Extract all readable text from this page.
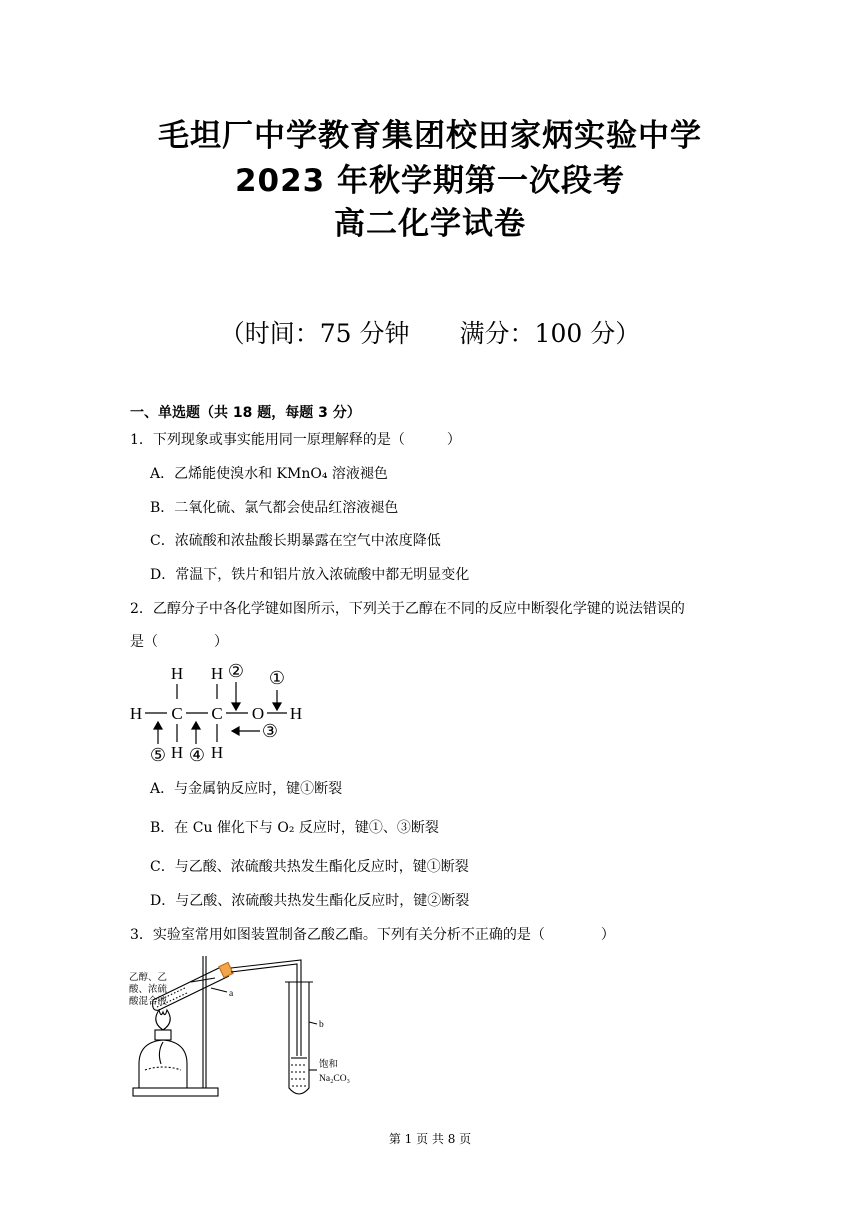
毛坦厂中学教育集团校田家炳实验中学
2023 年秋学期第一次段考
高二化学试卷
（时间：75 分钟　　满分：100 分）
一、单选题（共 18 题，每题 3 分）
1．下列现象或事实能用同一原理解释的是（　　　）
A．乙烯能使溴水和 KMnO₄ 溶液褪色
B．二氧化硫、氯气都会使品红溶液褪色
C．浓硫酸和浓盐酸长期暴露在空气中浓度降低
D．常温下，铁片和铝片放入浓硫酸中都无明显变化
2．乙醇分子中各化学键如图所示，下列关于乙醇在不同的反应中断裂化学键的说法错误的
是（　　　　）
H H
H C C O H
H H
② ①
③
⑤ ④
A．与金属钠反应时，键①断裂
B．在 Cu 催化下与 O₂ 反应时，键①、③断裂
C．与乙酸、浓硫酸共热发生酯化反应时，键①断裂
D．与乙酸、浓硫酸共热发生酯化反应时，键②断裂
3．实验室常用如图装置制备乙酸乙酯。下列有关分析不正确的是（　　　　）
乙醇、乙
酸、浓硫
酸混合液
a
b
饱和
Na₂CO₃
第 1 页 共 8 页
